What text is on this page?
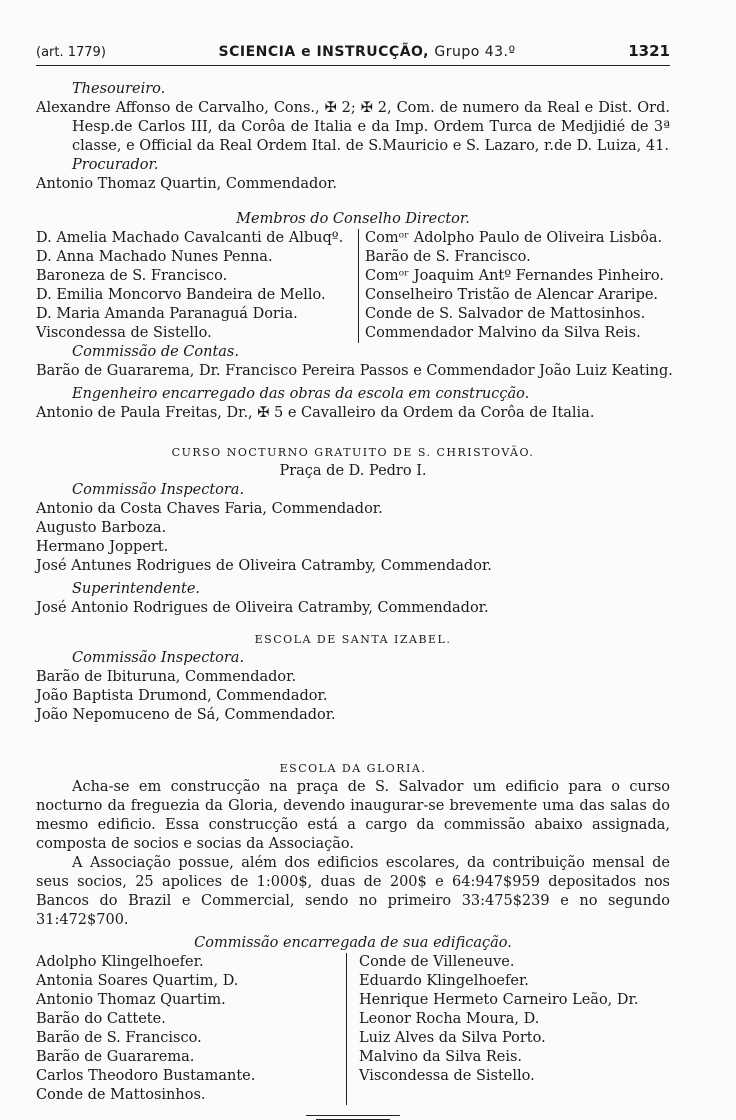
(art. 1779)	SCIENCIA e INSTRUCÇÃO, Grupo 43.º	1321
Thesoureiro.
Alexandre Affonso de Carvalho, Cons., ✠ 2; ✠ 2, Com. de numero da Real e Dist. Ord. Hesp.de Carlos III, da Corôa de Italia e da Imp. Ordem Turca de Medjidié de 3ª classe, e Official da Real Ordem Ital. de S.Mauricio e S. Lazaro, r.de D. Luiza, 41.
Procurador.
Antonio Thomaz Quartin, Commendador.
Membros do Conselho Director.
D. Amelia Machado Cavalcanti de Albuqº.
D. Anna Machado Nunes Penna.
Baroneza de S. Francisco.
D. Emilia Moncorvo Bandeira de Mello.
D. Maria Amanda Paranaguá Doria.
Viscondessa de Sistello.
Comᵒʳ Adolpho Paulo de Oliveira Lisbôa.
Barão de S. Francisco.
Comᵒʳ Joaquim Antº Fernandes Pinheiro.
Conselheiro Tristão de Alencar Araripe.
Conde de S. Salvador de Mattosinhos.
Commendador Malvino da Silva Reis.
Commissão de Contas.
Barão de Guararema, Dr. Francisco Pereira Passos e Commendador João Luiz Keating.
Engenheiro encarregado das obras da escola em construcção.
Antonio de Paula Freitas, Dr., ✠ 5 e Cavalleiro da Ordem da Corôa de Italia.
CURSO NOCTURNO GRATUITO DE S. CHRISTOVÃO.
Praça de D. Pedro I.
Commissão Inspectora.
Antonio da Costa Chaves Faria, Commendador.
Augusto Barboza.
Hermano Joppert.
José Antunes Rodrigues de Oliveira Catramby, Commendador.
Superintendente.
José Antonio Rodrigues de Oliveira Catramby, Commendador.
ESCOLA DE SANTA IZABEL.
Commissão Inspectora.
Barão de Ibituruna, Commendador.
João Baptista Drumond, Commendador.
João Nepomuceno de Sá, Commendador.
ESCOLA DA GLORIA.
Acha-se em construcção na praça de S. Salvador um edificio para o curso nocturno da freguezia da Gloria, devendo inaugurar-se brevemente uma das salas do mesmo edificio. Essa construcção está a cargo da commissão abaixo assignada, composta de socios e socias da Associação.
A Associação possue, além dos edificios escolares, da contribuição mensal de seus socios, 25 apolices de 1:000$, duas de 200$ e 64:947$959 depositados nos Bancos do Brazil e Commercial, sendo no primeiro 33:475$239 e no segundo 31:472$700.
Commissão encarregada de sua edificação.
Adolpho Klingelhoefer.
Antonia Soares Quartim, D.
Antonio Thomaz Quartim.
Barão do Cattete.
Barão de S. Francisco.
Barão de Guararema.
Carlos Theodoro Bustamante.
Conde de Mattosinhos.
Conde de Villeneuve.
Eduardo Klingelhoefer.
Henrique Hermeto Carneiro Leão, Dr.
Leonor Rocha Moura, D.
Luiz Alves da Silva Porto.
Malvino da Silva Reis.
Viscondessa de Sistello.
